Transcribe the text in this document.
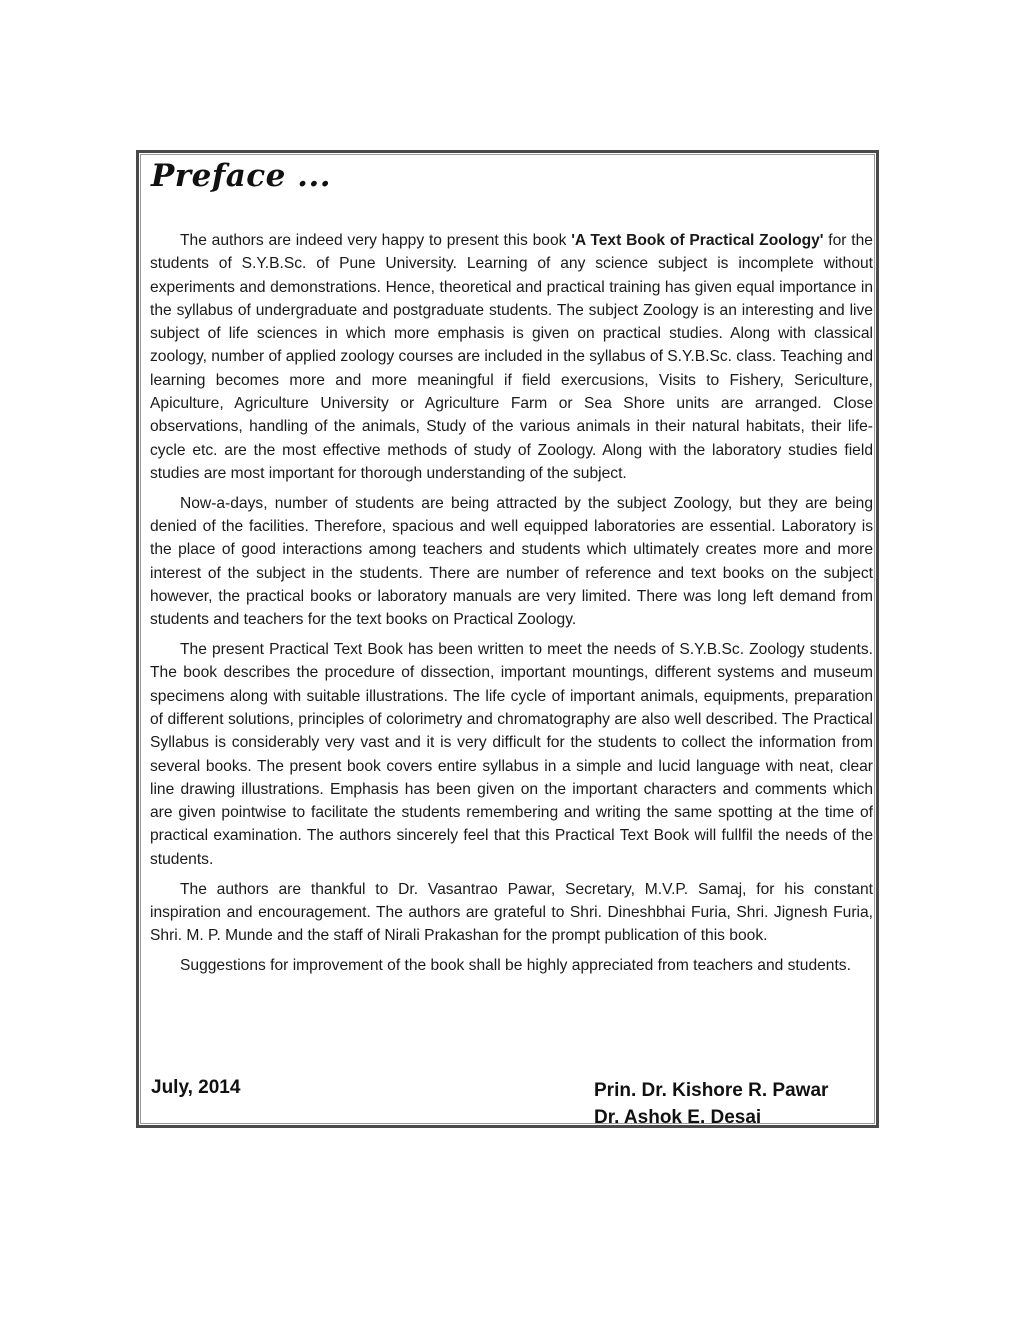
Preface ...

The authors are indeed very happy to present this book 'A Text Book of Practical Zoology' for the students of S.Y.B.Sc. of Pune University. Learning of any science subject is incomplete without experiments and demonstrations. Hence, theoretical and practical training has given equal importance in the syllabus of undergraduate and postgraduate students. The subject Zoology is an interesting and live subject of life sciences in which more emphasis is given on practical studies. Along with classical zoology, number of applied zoology courses are included in the syllabus of S.Y.B.Sc. class. Teaching and learning becomes more and more meaningful if field exercusions, Visits to Fishery, Sericulture, Apiculture, Agriculture University or Agriculture Farm or Sea Shore units are arranged. Close observations, handling of the animals, Study of the various animals in their natural habitats, their life-cycle etc. are the most effective methods of study of Zoology. Along with the laboratory studies field studies are most important for thorough understanding of the subject.

Now-a-days, number of students are being attracted by the subject Zoology, but they are being denied of the facilities. Therefore, spacious and well equipped laboratories are essential. Laboratory is the place of good interactions among teachers and students which ultimately creates more and more interest of the subject in the students. There are number of reference and text books on the subject however, the practical books or laboratory manuals are very limited. There was long left demand from students and teachers for the text books on Practical Zoology.

The present Practical Text Book has been written to meet the needs of S.Y.B.Sc. Zoology students. The book describes the procedure of dissection, important mountings, different systems and museum specimens along with suitable illustrations. The life cycle of important animals, equipments, preparation of different solutions, principles of colorimetry and chromatography are also well described. The Practical Syllabus is considerably very vast and it is very difficult for the students to collect the information from several books. The present book covers entire syllabus in a simple and lucid language with neat, clear line drawing illustrations. Emphasis has been given on the important characters and comments which are given pointwise to facilitate the students remembering and writing the same spotting at the time of practical examination. The authors sincerely feel that this Practical Text Book will fullfil the needs of the students.

The authors are thankful to Dr. Vasantrao Pawar, Secretary, M.V.P. Samaj, for his constant inspiration and encouragement. The authors are grateful to Shri. Dineshbhai Furia, Shri. Jignesh Furia, Shri. M. P. Munde and the staff of Nirali Prakashan for the prompt publication of this book.

Suggestions for improvement of the book shall be highly appreciated from teachers and students.

July, 2014	Prin. Dr. Kishore R. Pawar
Dr. Ashok E. Desai
